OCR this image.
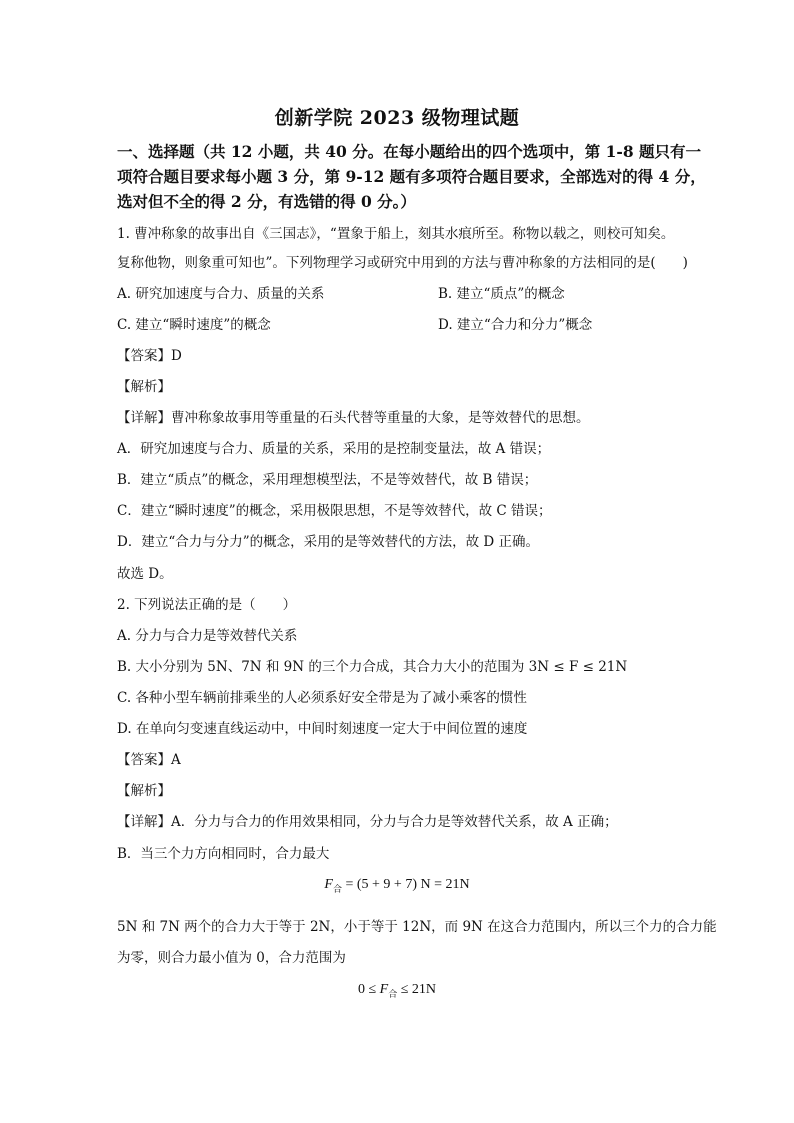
创新学院 2023 级物理试题
一、选择题（共 12 小题，共 40 分。在每小题给出的四个选项中，第 1-8 题只有一项符合题目要求每小题 3 分，第 9-12 题有多项符合题目要求，全部选对的得 4 分，选对但不全的得 2 分，有选错的得 0 分。）
1. 曹冲称象的故事出自《三国志》，“置象于船上，刻其水痕所至。称物以载之，则校可知矣。
复称他物，则象重可知也”。下列物理学习或研究中用到的方法与曹冲称象的方法相同的是(　　)
A. 研究加速度与合力、质量的关系	B. 建立“质点”的概念
C. 建立“瞬时速度”的概念	D. 建立“合力和分力”概念
【答案】D
【解析】
【详解】曹冲称象故事用等重量的石头代替等重量的大象，是等效替代的思想。
A．研究加速度与合力、质量的关系，采用的是控制变量法，故 A 错误；
B．建立“质点”的概念，采用理想模型法，不是等效替代，故 B 错误；
C．建立“瞬时速度”的概念，采用极限思想，不是等效替代，故 C 错误；
D．建立“合力与分力”的概念，采用的是等效替代的方法，故 D 正确。
故选 D。
2. 下列说法正确的是（　　）
A. 分力与合力是等效替代关系
B. 大小分别为 5N、7N 和 9N 的三个力合成，其合力大小的范围为 3N ≤ F ≤ 21N
C. 各种小型车辆前排乘坐的人必须系好安全带是为了减小乘客的惯性
D. 在单向匀变速直线运动中，中间时刻速度一定大于中间位置的速度
【答案】A
【解析】
【详解】A．分力与合力的作用效果相同，分力与合力是等效替代关系，故 A 正确；
B．当三个力方向相同时，合力最大
$F_合 = (5 + 9 + 7) N = 21N$
5N 和 7N 两个的合力大于等于 2N，小于等于 12N，而 9N 在这合力范围内，所以三个力的合力能
为零，则合力最小值为 0，合力范围为
$0 \le F_合 \le 21N$
